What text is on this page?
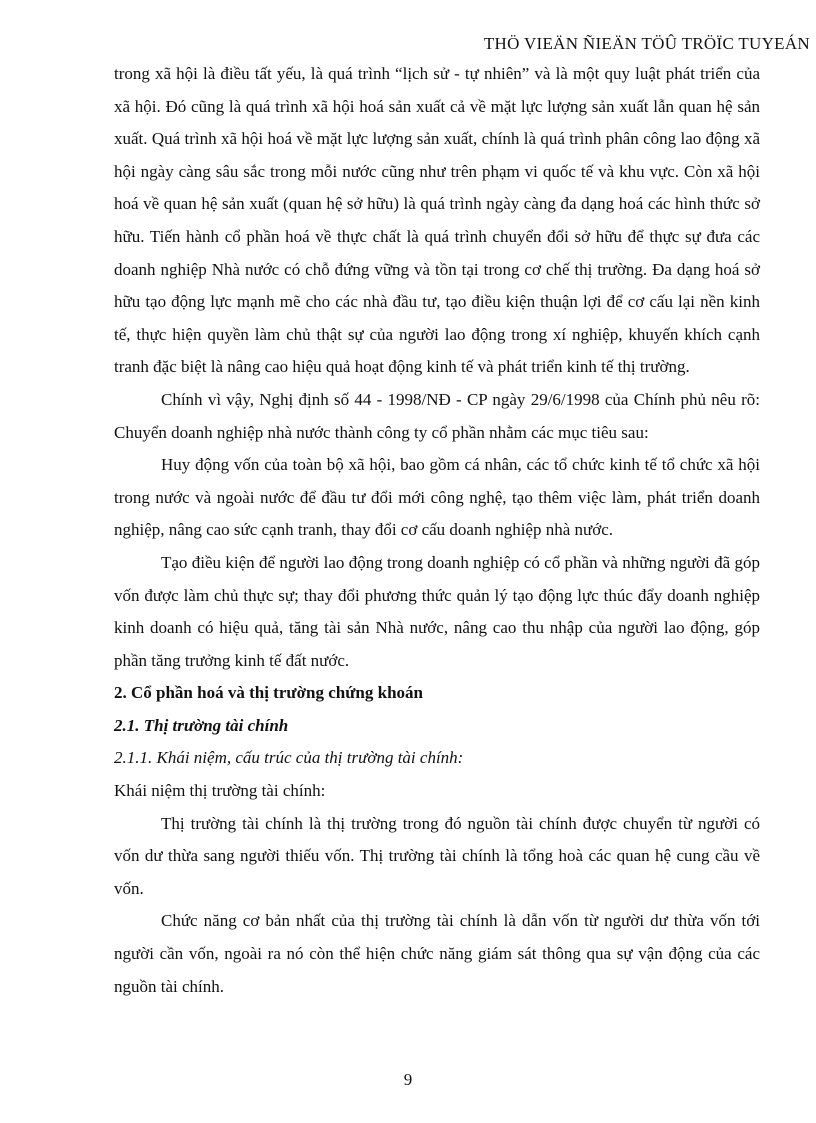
THÖ VIEÄN ÑIEÄN TÖÛ TRÖÏC TUYEÁN

trong xã hội là điều tất yếu, là quá trình “lịch sử - tự nhiên” và là một quy luật phát triển của xã hội. Đó cũng là quá trình xã hội hoá sản xuất cả về mặt lực lượng sản xuất lẫn quan hệ sản xuất. Quá trình xã hội hoá về mặt lực lượng sản xuất, chính là quá trình phân công lao động xã hội ngày càng sâu sắc trong mỗi nước cũng như trên phạm vi quốc tế và khu vực. Còn xã hội hoá về quan hệ sản xuất (quan hệ sở hữu) là quá trình ngày càng đa dạng hoá các hình thức sở hữu. Tiến hành cổ phần hoá về thực chất là quá trình chuyển đổi sở hữu để thực sự đưa các doanh nghiệp Nhà nước có chỗ đứng vững và tồn tại trong cơ chế thị trường. Đa dạng hoá sở hữu tạo động lực mạnh mẽ cho các nhà đầu tư, tạo điều kiện thuận lợi để cơ cấu lại nền kinh tế, thực hiện quyền làm chủ thật sự của người lao động trong xí nghiệp, khuyến khích cạnh tranh đặc biệt là nâng cao hiệu quả hoạt động kinh tế và phát triển kinh tế thị trường.

Chính vì vậy, Nghị định số 44 - 1998/NĐ - CP ngày 29/6/1998 của Chính phủ nêu rõ: Chuyển doanh nghiệp nhà nước thành công ty cổ phần nhằm các mục tiêu sau:

Huy động vốn của toàn bộ xã hội, bao gồm cá nhân, các tổ chức kinh tế tổ chức xã hội trong nước và ngoài nước để đầu tư đổi mới công nghệ, tạo thêm việc làm, phát triển doanh nghiệp, nâng cao sức cạnh tranh, thay đổi cơ cấu doanh nghiệp nhà nước.

Tạo điều kiện để người lao động trong doanh nghiệp có cổ phần và những người đã góp vốn được làm chủ thực sự; thay đổi phương thức quản lý tạo động lực thúc đẩy doanh nghiệp kinh doanh có hiệu quả, tăng tài sản Nhà nước, nâng cao thu nhập của người lao động, góp phần tăng trưởng kinh tế đất nước.

2. Cổ phần hoá và thị trường chứng khoán

2.1. Thị trường tài chính

2.1.1. Khái niệm, cấu trúc của thị trường tài chính:

Khái niệm thị trường tài chính:

Thị trường tài chính là thị trường trong đó nguồn tài chính được chuyển từ người có vốn dư thừa sang người thiếu vốn. Thị trường tài chính là tổng hoà các quan hệ cung cầu về vốn.

Chức năng cơ bản nhất của thị trường tài chính là dẫn vốn từ người dư thừa vốn tới người cần vốn, ngoài ra nó còn thể hiện chức năng giám sát thông qua sự vận động của các nguồn tài chính.

9
